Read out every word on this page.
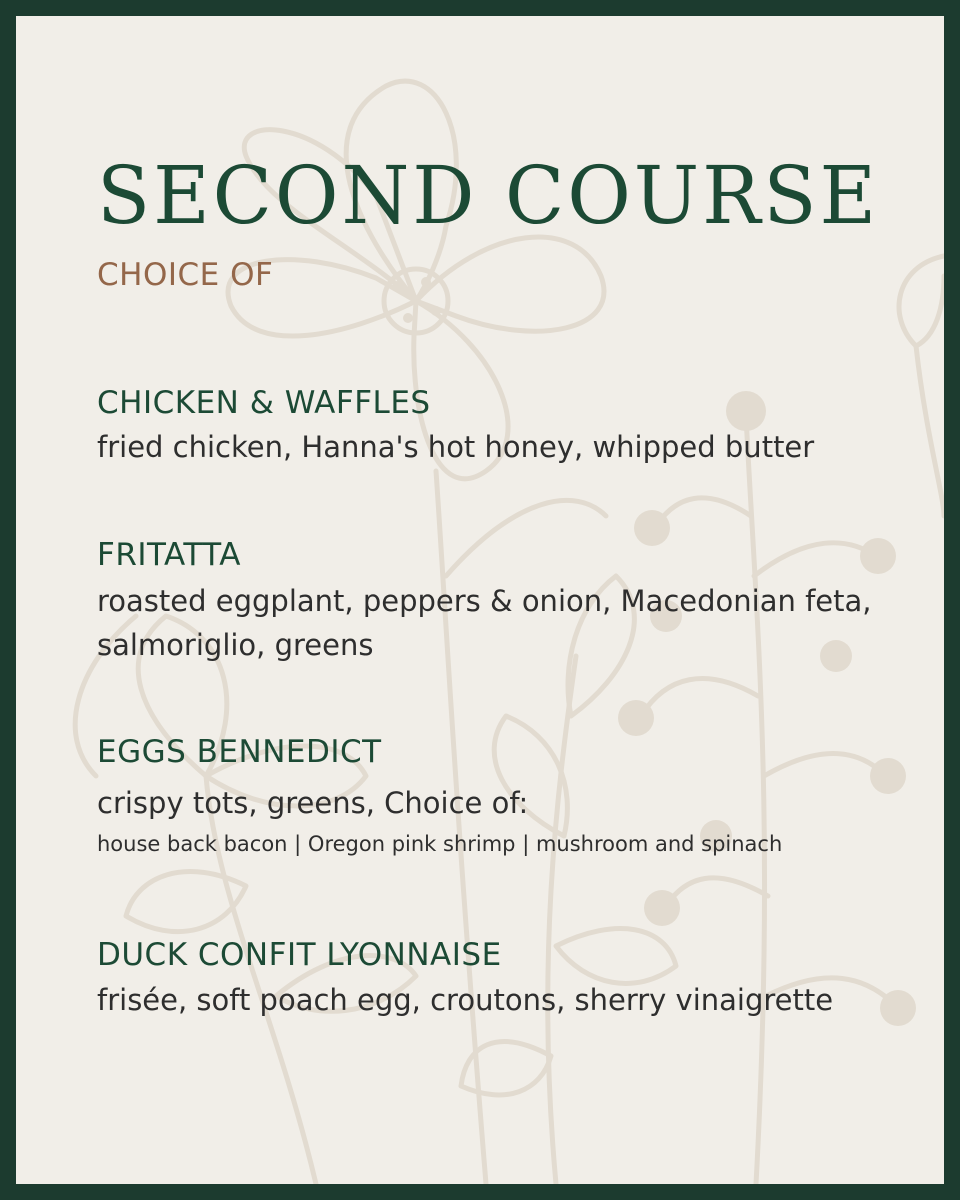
SECOND COURSE
CHOICE OF
CHICKEN & WAFFLES
fried chicken, Hanna's hot honey, whipped butter
FRITATTA
roasted eggplant, peppers & onion, Macedonian feta,
salmoriglio, greens
EGGS BENNEDICT
crispy tots, greens, Choice of:
house back bacon | Oregon pink shrimp | mushroom and spinach
DUCK CONFIT LYONNAISE
frisée, soft poach egg, croutons, sherry vinaigrette
